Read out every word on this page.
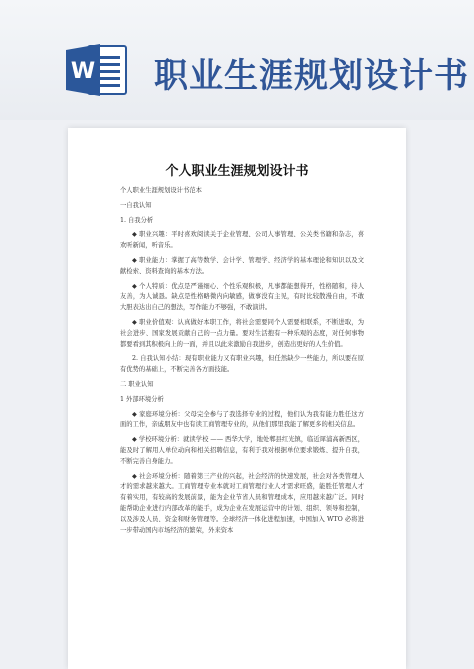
W 职业生涯规划设计书
个人职业生涯规划设计书
个人职业生涯规划设计书范本
一自我认知
1. 自我分析
◆ 职业兴趣：平时喜欢阅读关于企业管理、公司人事管理、公关类书籍和杂志，喜欢听新闻，听音乐。
◆ 职业能力：掌握了高等数学、会计学、管理学、经济学的基本理论和知识以及文献检索、资料查询的基本方法。
◆ 个人特质：优点是严谨细心、个性乐观积极，凡事都能想得开，性格随和，待人友善，为人诚恳。缺点是性格略微内向敏感，做事没有主见，有时比较散漫自由，不敢大胆表达出自己的想法，写作能力不够强，不敢演讲。
◆ 职业价值观：认真做好本职工作，将社会需要同个人需要相联系，不断进取，为社会进步、国家发展贡献自己的一点力量。要对生活抱有一种乐观的态度，对任何事物都要看到其积极向上的一面，并且以此来激励自我进步，创造出更好的人生价值。
2. 自我认知小结：现有职业能力又有职业兴趣，但任然缺少一些能力，所以要在原有优势的基础上，不断完善各方面技能。
二 职业认知
1 外部环境分析
◆ 家庭环境分析：父母完全参与了我选择专业的过程，他们认为我有能力胜任这方面的工作，亲戚朋友中也有读工商管理专业的，从他们那里我能了解更多的相关信息。
◆ 学校环境分析：就读学校 —— 西华大学，地处郫县红光镇，临近犀浦高新西区，能及时了解用人单位动向和相关招聘信息，有利于我对根据单位要求锻炼、提升自我，不断完善自身能力。
◆ 社会环境分析：随着第三产业的兴起，社会经济的快速发展，社会对各类管理人才的需求越来越大。工商管理专业本就对工商管理行业人才需求旺盛，能胜任管理人才有着实用，有较高的发展前景，能为企业节省人员和管理成本，应用越来越广泛。同时能帮助企业进行内部改革的能手，成为企业在发展运营中的计划、组织、领导和控制，以及涉及人员、资金和财务管理等。全球经济一体化进程加速，中国加入 WTO 必将进一步带动国内市场经济的繁荣，外来资本
